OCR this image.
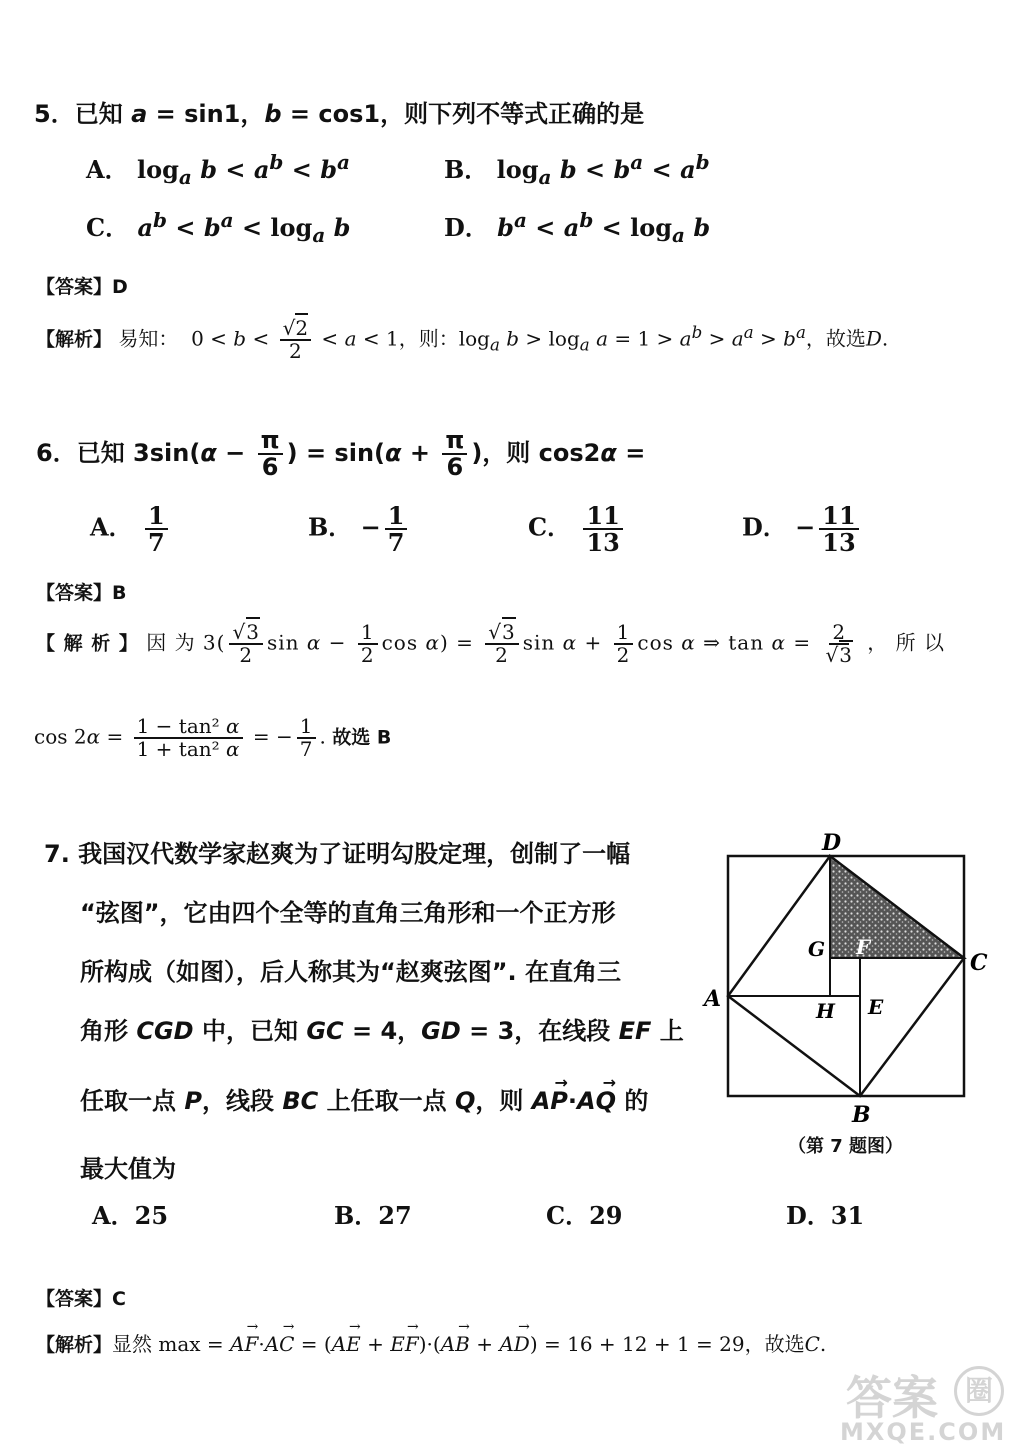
5．已知 a = sin1，b = cos1，则下列不等式正确的是
A． $\log_a b < a^b < b^a$	B． $\log_a b < b^a < a^b$
C． $a^b < b^a < \log_a b$	D． $b^a < a^b < \log_a b$
【答案】D
【解析】 易知：  $0 < b < \frac{√2}{2} < a < 1$，则：$\log_a b > \log_a a = 1 > a^b > a^a > b^a$，故选D.
6．已知 $3\sin(\alpha - \frac{\pi}{6}$ ) = $\sin(\alpha + \frac{\pi}{6}$ )，则 cos2α =
A． $\frac{1}{7}$	B． − $\frac{1}{7}$	C． $\frac{11}{13}$	D． − $\frac{11}{13}$
【答案】B
【 解 析 】 因 为 $3( \frac{√3}{2}$ $\sin \alpha - \frac{1}{2}$ $\cos \alpha) = \frac{√3}{2}$ $\sin \alpha + \frac{1}{2}$ cos α ⇒ $\tan \alpha = \frac{2}{√3}$ ， 所 以
$\cos 2\alpha = \frac{\text{1 − tan² α}}{\text{1 + tan² α}}$ = − $\frac{1}{7}$ . 故选 B
7. 我国汉代数学家赵爽为了证明勾股定理，创制了一幅
“弦图”，它由四个全等的直角三角形和一个正方形
所构成（如图），后人称其为“赵爽弦图”. 在直角三
角形 CGD 中，已知 GC = 4，GD = 3，在线段 EF 上
任取一点 P，线段 BC 上任取一点 Q，则
→
AP·
→
AQ 的
最大值为
A．25	B．27	C．29	D．31
D
C
A
B
G F
H E
（第 7 题图）
【答案】C
【解析】显然 max =
→
AF·
→
AC = (
→
AE +
→
EF)·(
→
AB +
→
AD) = 16 + 12 + 1 = 29，故选C.
答案 圈
MXQE.COM
